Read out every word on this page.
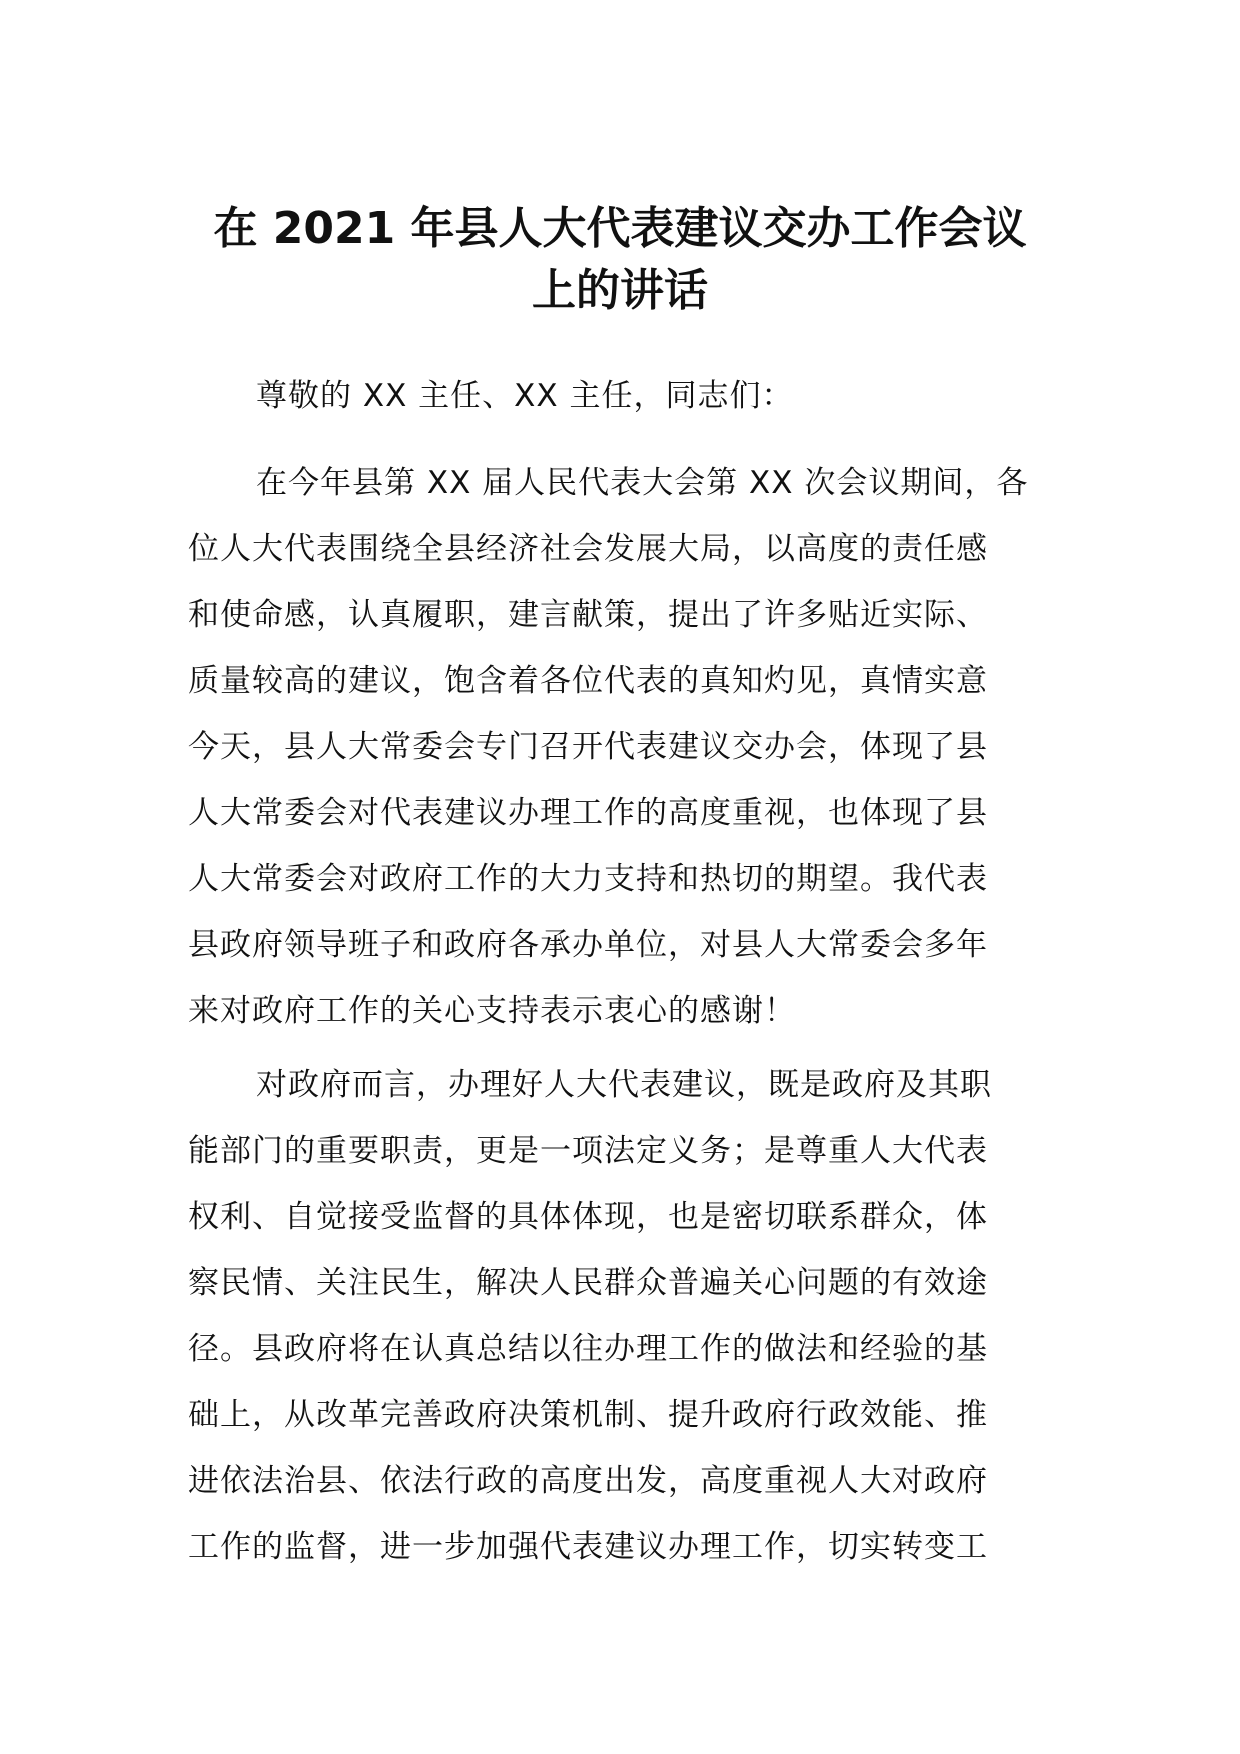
在 2021 年县人大代表建议交办工作会议
上的讲话
尊敬的 XX 主任、XX 主任，同志们：
在今年县第 XX 届人民代表大会第 XX 次会议期间，各
位人大代表围绕全县经济社会发展大局，以高度的责任感
和使命感，认真履职，建言献策，提出了许多贴近实际、
质量较高的建议，饱含着各位代表的真知灼见，真情实意
今天，县人大常委会专门召开代表建议交办会，体现了县
人大常委会对代表建议办理工作的高度重视，也体现了县
人大常委会对政府工作的大力支持和热切的期望。我代表
县政府领导班子和政府各承办单位，对县人大常委会多年
来对政府工作的关心支持表示衷心的感谢！
对政府而言，办理好人大代表建议，既是政府及其职
能部门的重要职责，更是一项法定义务；是尊重人大代表
权利、自觉接受监督的具体体现，也是密切联系群众，体
察民情、关注民生，解决人民群众普遍关心问题的有效途
径。县政府将在认真总结以往办理工作的做法和经验的基
础上，从改革完善政府决策机制、提升政府行政效能、推
进依法治县、依法行政的高度出发，高度重视人大对政府
工作的监督，进一步加强代表建议办理工作，切实转变工
